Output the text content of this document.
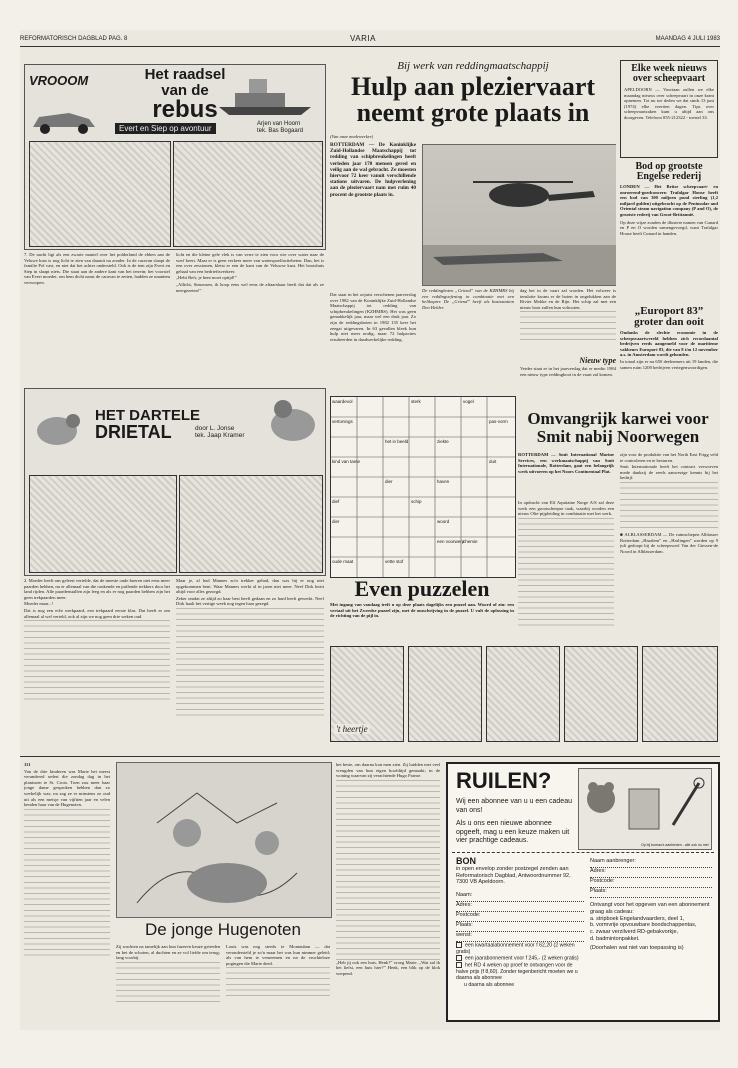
REFORMATORISCH DAGBLAD PAG. 8	VARIA	MAANDAG 4 JULI 1983
VROOOM	Het raadsel
van de
rebus
Evert en Siep op avontuur	Arjen van Hoorn
tek. Bas Bogaard

7. De nacht ligt als een zwarte mantel over het polderland de ebben aan de Veluwe kust is nog licht te zien van daaruit na zonder. In de caravan slaapt de familie Pol vast, en niet dat het achter ondersteld. Ook is de tent zijn Evert en Siep in slaapt niets. Die staat aan de andere kant van het terrein; het voorstel van Evert moeder, om hem dicht naast de caravan te zetten, hadden ze unaniem verworpen.

licht en die kleine gele vlek is van verre te zien voor wie over water naar de werf keert. Maar er is geen verkeer meer van waterspoelfactiebeten. Dan, het is een over zessionen, kletst er een de kant van de Veluwse kust. Het bootshuis gehaal van een bedrieftsverkeer.

„Hebt Befr, je bent moet optijd!”

„Allicht, Simonsen, ik hoop eens wel eens de aftaarsbaar heeft dat dat als ze neergezeten!”

HET DARTELE
DRIETAL	door L. Jonse
tek. Jaap Kramer

2. Moeder heeft ons geleert vertelde, dat de meeste oude boeren niet eens meer paarden hebben, nu er allemaal van die ronkende en puffende trekkers door het land rijden. Alle paardenstallen zijn leeg en als er nog paarden hebben zijn het geen trekpaarden meer.

Moeder maar...!

Dat is nog een echt werkpaard, een trekpaard eerste klas. Dat heeft er om allemaal al wel verteld, ook al zijn we nog geen drie weken oud.

Maar je, al had Mannes zo'n trekker gehad, dan was hij er nog niet opgekommen bent. Waar Mannes werkt al in jaren niet meer. Neef Dirk bezit altijd voor alles gezorgd.

Zeker omdat ze altijd zo haar best heeft gedaan en zo hard heeft gewerkt. Neef Dirk haalt het vertige week nog tegen haar gezegd.

Bij werk van reddingmaatschappij
Hulp aan pleziervaart
neemt grote plaats in
(Van onze medewerker)
ROTTERDAM — De Koninklijke Zuid-Hollandse Maatschappij tot redding van schipbreukelingen heeft verleden jaar 170 mensen gered en veilig aan de wal gebracht. Ze moesten hiervoor 72 keer vanuit verschillende stations uitvaren. De hulpverlening aan de pleziervaart nam met ruim 40 procent de grootste plaats in.
Dat staat in het zojuist verschenen jaarverslag over 1982 van de Koninklijke Zuid-Hollandse Maatschappij tot redding van schipbreukelingen (KZHMRS). Het was geen gemakkelijk jaar, maar wel een druk jaar. Zo zijn de reddingsboten in 1982 135 keer het zeegat uitgevaren. In 63 gevallen bleek hun hulp niet meer nodig, maar 72 hulpacties resulteerden in daadwerkelijke redding.
De reddingboten „Griend” van de KZHMRS bij een reddingoefening in combinatie met een helikopter. De „Griend” heeft als basisstation Den Helder.

dag het in de vaart zal worden. Het volweer is tenslotte kwam er de boten in ongelukken aan de Rivier Mokke en de Rijn. Het schip zal met een nieuw boot zullen hun voltooien.

Nieuw type
Verder staat er in het jaarverslag dat er medio 1984 een nieuw type reddingboot in de vaart zal komen.
Elke week nieuws over scheepvaart
APELDOORN — Voortaan zullen we elke maandag nieuws over scheepvaart in onze krant opnemen. Tot nu toe deden we dat sinds 13 juni (1974) elke veertien dagen. Tips over scheepvaartzaken kunt u altijd aan ons doorgeven. Telefoon 055-212322 - toestel 33.
Bod op grootste Engelse rederij
LONDEN — Het Britse scheepvaart- en onroerend-goedconcern Trafalgar House heeft een bod van 300 miljoen pond sterling (1,2 miljard gulden) uitgebracht op de Peninsular and Oriental steam navigation company (P and O), de grootste rederij van Groot-Brittannië.
Op deze wijze zouden de illustere namen van Cunard en P en O worden samengevoegd, want Trafalgar House heeft Cunard in handen.
„Europort 83” groter dan ooit
Ondanks de slechte economie in de scheepsvaartwereld hebben zich recordaantal bedrijven reeds aangemeld voor de maritieme vakbeurs Europort 83, die van 8 t/m 12 november a.s. in Amsterdam wordt gehouden.
In totaal zijn er nu 650 deelnemers uit 19 landen, die samen ruim 1200 bedrijven vertegenwoordigen.
waardevol	sterk
vertonings
kind van tante
dief
oude maat	vette stof
woord
pas-vorm
dier	haven
schip
chemie
vogel
duit
ziekte
dier
een voorwerp
het in beeld
Omvangrijk karwei voor
Smit nabij Noorwegen
ROTTERDAM — Smit International Marine Services, een werkmaatschappij van Smit Internationale, Rotterdam, gaat een belangrijk werk uitvoeren op het Noors Continentaal Plat.

In opdracht van Elf Aquitaine Norge A/S zal deze werk een grootscheepse taak, waarbij worden een nieuw Olie-pijpleiding in combinatie met het werk.

zijn voor de produktie van het North East Frigg veld te controleren en te besturen.

Smit Internationale heeft het contract verworven mede dankzij de reeds aanwezige kennis bij het bedrijf.

■ ALBLASSERDAM — De ruimschepen Alblasser Rotterdam „Haarlem” en „Harlingen” worden op 9 juli gedoopt bij de scheepswerf Van der Giessen-de Noord in Alblasserdam.

Even puzzelen
Met ingang van vandaag treft u op deze plaats dagelijks een puzzel aan. Woord of zin: een vertaal uit het Zweedse puzzel zijn, met de omschrijving in de puzzel. U vult de oplossing in de richting van de pijl in.
't heertje

111

Van de drie kinderen was Marie het meest verandered sedert die zondag dag in het plantsoen te St. Croix. Toen zou meer haar jonge dame gesproken hebben dan zo werkelijk was; nu zag ze er minstens zo oud uit als een meisje van vijftien jaar en velen kenden haar van de Hugenoten.

De jonge Hugenoten

Zij wachten na tamelijk aan hun fuzeren keuze getreden en bet de schoten, al duchten en ze vol liefde om terug; lang voorbij.

Louis was nog steeds te Montauban — dat verondersteld je zo'n maar het was hun nimmer geleid; als van hem te verneemen en na de vruchteloze pogingen die Marie deed.

het beste, om daarna kon men zien. Zij luidden met veel vreugden van hun eigen hoofdtijd gemaakt; in de woning waarvan zij verachtende Hugo Franse.

„Heb jij ook een huis, Henk?” vroeg Marie. „Wat zal ik het liefst, een huis hier?” Henk, een blik op de klok werpend.

RUILEN?
Wij een abonnee van u u een cadeau van ons!
Als u ons een nieuwe abonnee opgeeft, mag u een keuze maken uit vier prachtige cadeaus.
Op bij bureau's aanbieden - alle ook nu met
BON
in open envelop zonder postzegel zenden aan Reformatorisch Dagblad, Antwoordnummer 92, 7300 VB Apeldoorn.
Naam:
Adres:
Postcode:
Plaats:
wenst:
een kwartaalabonnement voor f 62,20 (2 weken gratis)
een jaarabonnement voor f 245,- (2 weken gratis)
het RD 4 weken op proef te ontvangen voor de halve prijs (f 8,60). Zonder tegenbericht moeten we u daarna als abonnee
u daarna als abonnee
Naam aanbrenger:
Adres:
Postcode:
Plaats:
Ontvangt voor het opgeven van een abonnement graag als cadeau:
a. stripboek Engelandvaarders, deel 1,
b. vormvrije opvouwbare boodschappentas,
c. zwaar verzilverd RD-gebakvorkje,
d. badmintonpakket.
(Doorhalen wat niet van toepassing is)
